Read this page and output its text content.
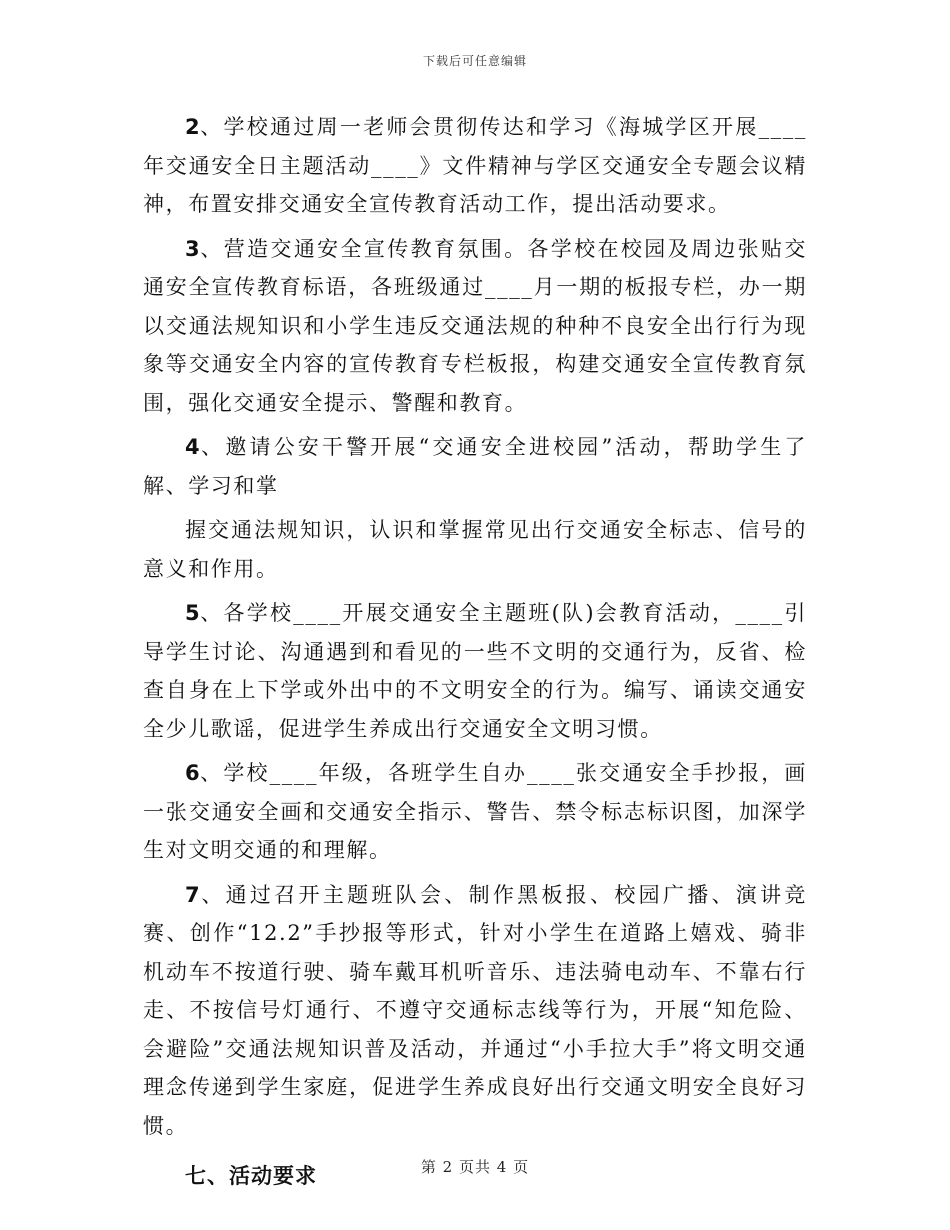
下载后可任意编辑

2、学校通过周一老师会贯彻传达和学习《海城学区开展____年交通安全日主题活动____》文件精神与学区交通安全专题会议精神，布置安排交通安全宣传教育活动工作，提出活动要求。

3、营造交通安全宣传教育氛围。各学校在校园及周边张贴交通安全宣传教育标语，各班级通过____月一期的板报专栏，办一期以交通法规知识和小学生违反交通法规的种种不良安全出行行为现象等交通安全内容的宣传教育专栏板报，构建交通安全宣传教育氛围，强化交通安全提示、警醒和教育。

4、邀请公安干警开展“交通安全进校园”活动，帮助学生了解、学习和掌

握交通法规知识，认识和掌握常见出行交通安全标志、信号的意义和作用。

5、各学校____开展交通安全主题班(队)会教育活动，____引导学生讨论、沟通遇到和看见的一些不文明的交通行为，反省、检查自身在上下学或外出中的不文明安全的行为。编写、诵读交通安全少儿歌谣，促进学生养成出行交通安全文明习惯。

6、学校____年级，各班学生自办____张交通安全手抄报，画一张交通安全画和交通安全指示、警告、禁令标志标识图，加深学生对文明交通的和理解。

7、通过召开主题班队会、制作黑板报、校园广播、演讲竞赛、创作“12.2”手抄报等形式，针对小学生在道路上嬉戏、骑非机动车不按道行驶、骑车戴耳机听音乐、违法骑电动车、不靠右行走、不按信号灯通行、不遵守交通标志线等行为，开展“知危险、会避险”交通法规知识普及活动，并通过“小手拉大手”将文明交通理念传递到学生家庭，促进学生养成良好出行交通文明安全良好习惯。

七、活动要求	第 2 页共 4 页
